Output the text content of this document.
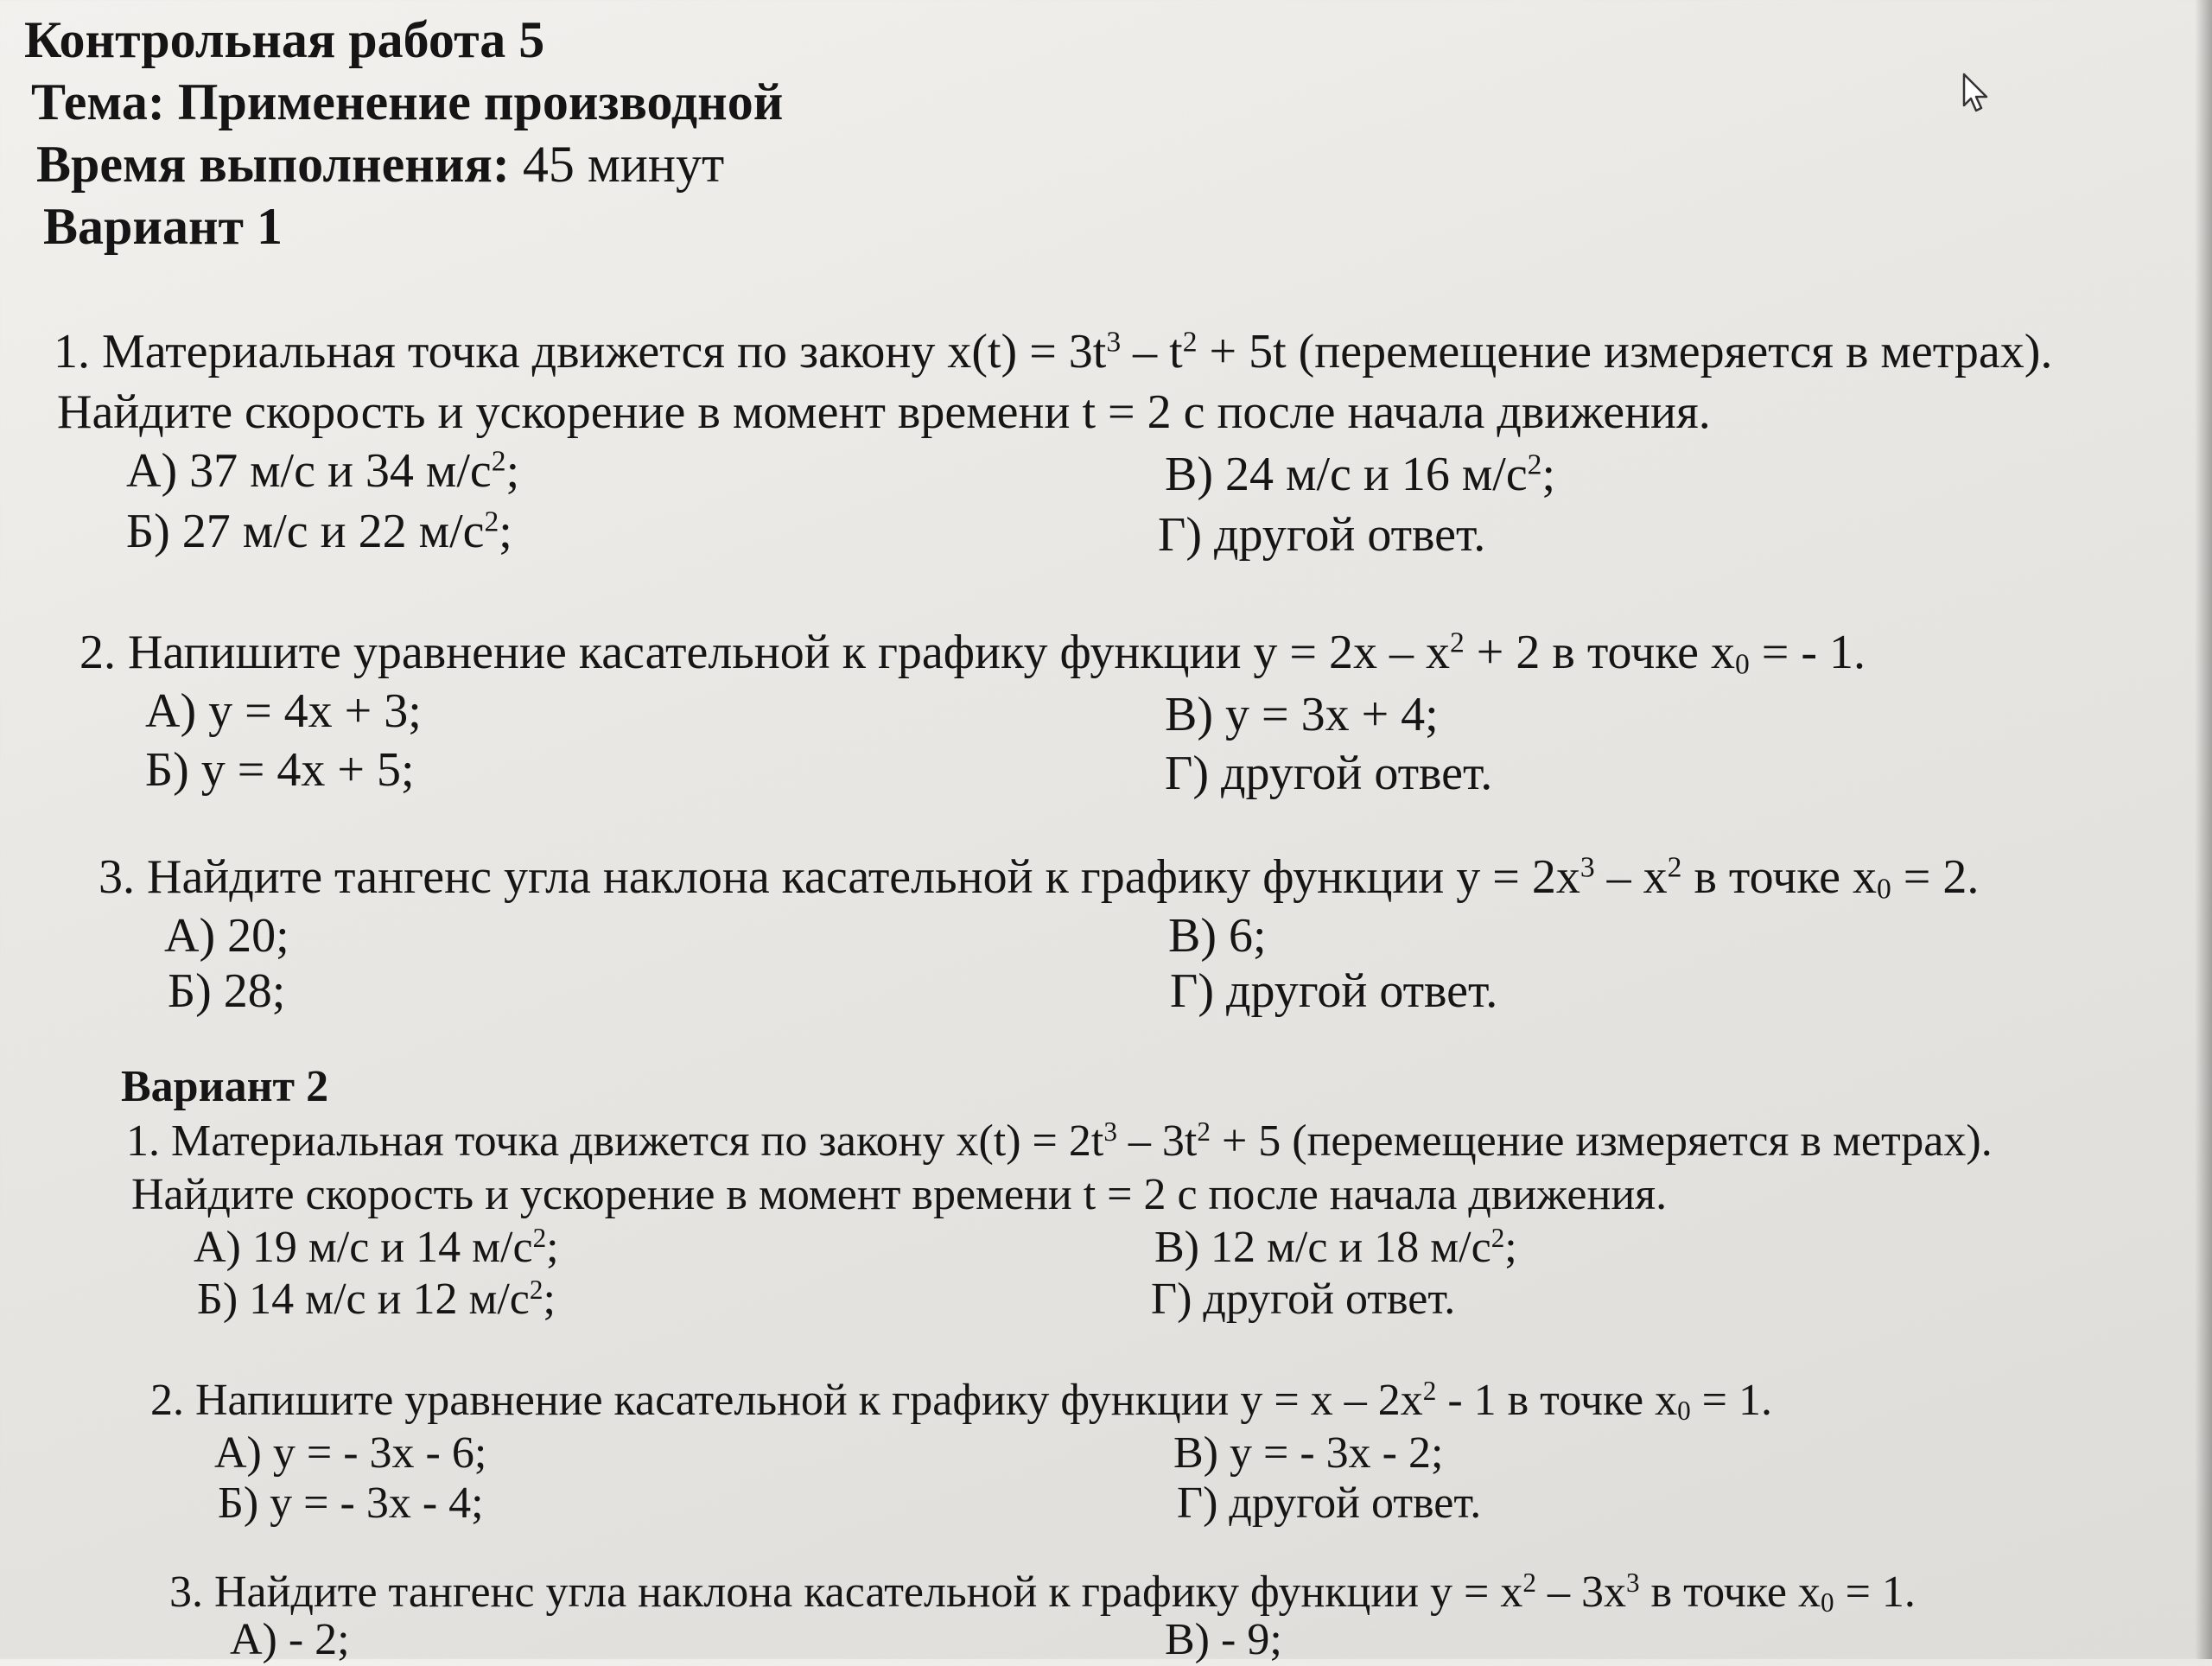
Контрольная работа 5
Тема: Применение производной
Время выполнения: 45 минут
Вариант 1
1. Материальная точка движется по закону $x(t) = 3t^3 - t^2 + 5t$ (перемещение измеряется в метрах).
Найдите скорость и ускорение в момент времени t = 2 с после начала движения.
А) 37 м/с и 34 $м/с^2$;
Б) 27 м/с и 22 $м/с^2$;
В) 24 м/с и 16 $м/с^2$;
Г) другой ответ.
2. Напишите уравнение касательной к графику функции $y = 2x - x^2 + 2$ в точке $x_0$ = - 1.
А) y = 4x + 3;
Б) y = 4x + 5;
В) y = 3x + 4;
Г) другой ответ.
3. Найдите тангенс угла наклона касательной к графику функции $y = 2x^3 - x^2$ в точке $x_0 = 2$.
А) 20;
Б) 28;
В) 6;
Г) другой ответ.
Вариант 2
1. Материальная точка движется по закону $x(t) = 2t^3 - 3t^2 + 5$ (перемещение измеряется в метрах).
Найдите скорость и ускорение в момент времени t = 2 с после начала движения.
А) 19 м/с и 14 $м/с^2$;
Б) 14 м/с и 12 $м/с^2$;
В) 12 м/с и 18 $м/с^2$;
Г) другой ответ.
2. Напишите уравнение касательной к графику функции $y = x - 2x^2 - 1$ в точке $x_0 = 1$.
А) y = - 3x - 6;
Б) y = - 3x - 4;
В) y = - 3x - 2;
Г) другой ответ.
3. Найдите тангенс угла наклона касательной к графику функции $y = x^2 - 3x^3$ в точке $x_0 = 1$.
А) - 2;	В) - 9;
